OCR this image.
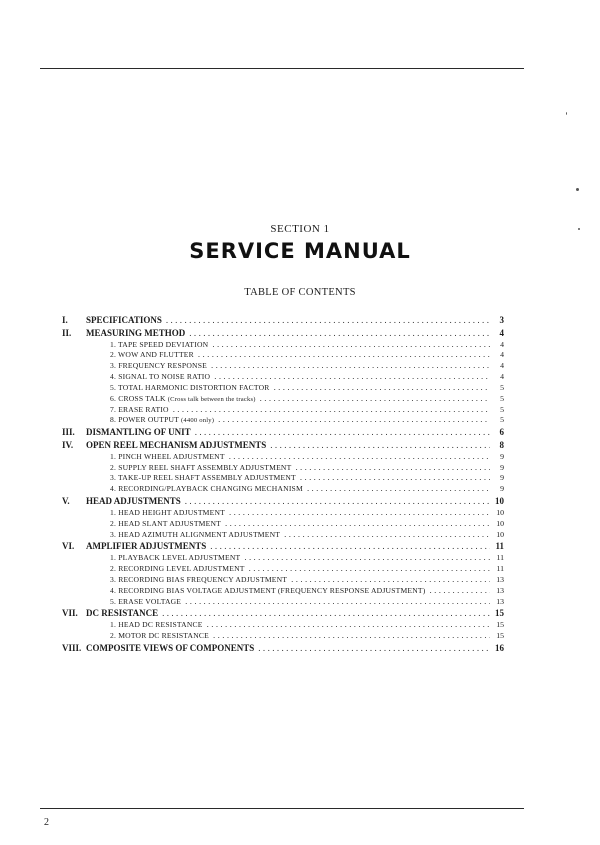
SECTION 1
SERVICE MANUAL
TABLE OF CONTENTS
I.	SPECIFICATIONS .....	3
II.	MEASURING METHOD .....	4
1. TAPE SPEED DEVIATION .....	4
2. WOW AND FLUTTER .....	4
3. FREQUENCY RESPONSE .....	4
4. SIGNAL TO NOISE RATIO .....	4
5. TOTAL HARMONIC DISTORTION FACTOR .....	5
6. CROSS TALK (Cross talk between the tracks) .....	5
7. ERASE RATIO .....	5
8. POWER OUTPUT (4400 only) .....	5
III.	DISMANTLING OF UNIT .....	6
IV.	OPEN REEL MECHANISM ADJUSTMENTS .....	8
1. PINCH WHEEL ADJUSTMENT .....	9
2. SUPPLY REEL SHAFT ASSEMBLY ADJUSTMENT .....	9
3. TAKE-UP REEL SHAFT ASSEMBLY ADJUSTMENT .....	9
4. RECORDING/PLAYBACK CHANGING MECHANISM .....	9
V.	HEAD ADJUSTMENTS .....	10
1. HEAD HEIGHT ADJUSTMENT .....	10
2. HEAD SLANT ADJUSTMENT .....	10
3. HEAD AZIMUTH ALIGNMENT ADJUSTMENT .....	10
VI.	AMPLIFIER ADJUSTMENTS .....	11
1. PLAYBACK LEVEL ADJUSTMENT .....	11
2. RECORDING LEVEL ADJUSTMENT .....	11
3. RECORDING BIAS FREQUENCY ADJUSTMENT .....	13
4. RECORDING BIAS VOLTAGE ADJUSTMENT (FREQUENCY RESPONSE ADJUSTMENT) .....	13
5. ERASE VOLTAGE .....	13
VII. DC RESISTANCE .....	15
1. HEAD DC RESISTANCE .....	15
2. MOTOR DC RESISTANCE .....	15
VIII. COMPOSITE VIEWS OF COMPONENTS .....	16
2
